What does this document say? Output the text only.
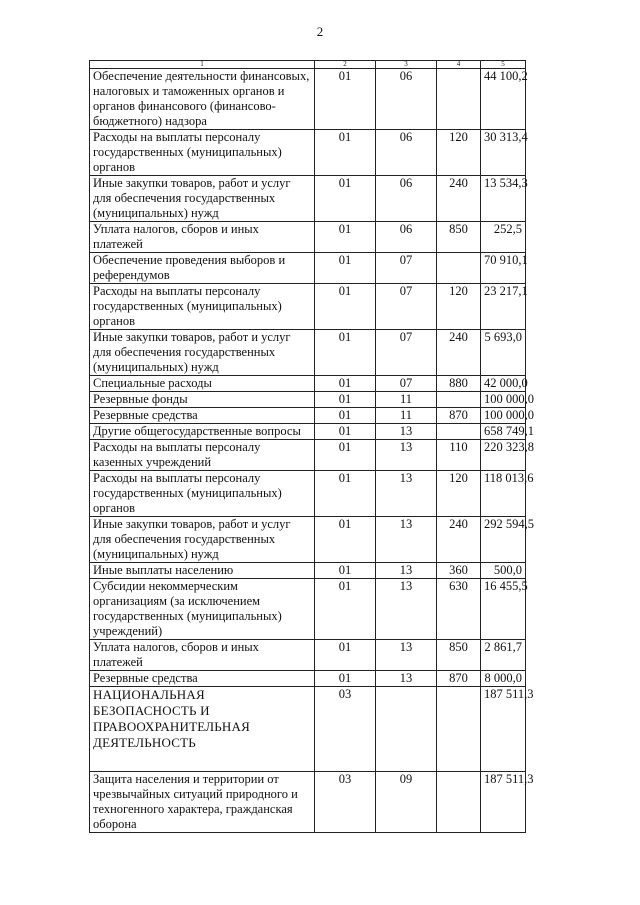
2
1	2	3	4	5
Обеспечение деятельности финансовых, налоговых и таможенных органов и органов финансового (финансово-бюджетного) надзора	01	06		44 100,2
Расходы на выплаты персоналу государственных (муниципальных) органов	01	06	120	30 313,4
Иные закупки товаров, работ и услуг для обеспечения государственных (муниципальных) нужд	01	06	240	13 534,3
Уплата налогов, сборов и иных платежей	01	06	850	252,5
Обеспечение проведения выборов и референдумов	01	07		70 910,1
Расходы на выплаты персоналу государственных (муниципальных) органов	01	07	120	23 217,1
Иные закупки товаров, работ и услуг для обеспечения государственных (муниципальных) нужд	01	07	240	5 693,0
Специальные расходы	01	07	880	42 000,0
Резервные фонды	01	11		100 000,0
Резервные средства	01	11	870	100 000,0
Другие общегосударственные вопросы	01	13		658 749,1
Расходы на выплаты персоналу казенных учреждений	01	13	110	220 323,8
Расходы на выплаты персоналу государственных (муниципальных) органов	01	13	120	118 013,6
Иные закупки товаров, работ и услуг для обеспечения государственных (муниципальных) нужд	01	13	240	292 594,5
Иные выплаты населению	01	13	360	500,0
Субсидии некоммерческим организациям (за исключением государственных (муниципальных) учреждений)	01	13	630	16 455,5
Уплата налогов, сборов и иных платежей	01	13	850	2 861,7
Резервные средства	01	13	870	8 000,0
НАЦИОНАЛЬНАЯ БЕЗОПАСНОСТЬ И ПРАВООХРАНИТЕЛЬНАЯ ДЕЯТЕЛЬНОСТЬ	03			187 511,3
Защита населения и территории от чрезвычайных ситуаций природного и техногенного характера, гражданская оборона	03	09		187 511,3
